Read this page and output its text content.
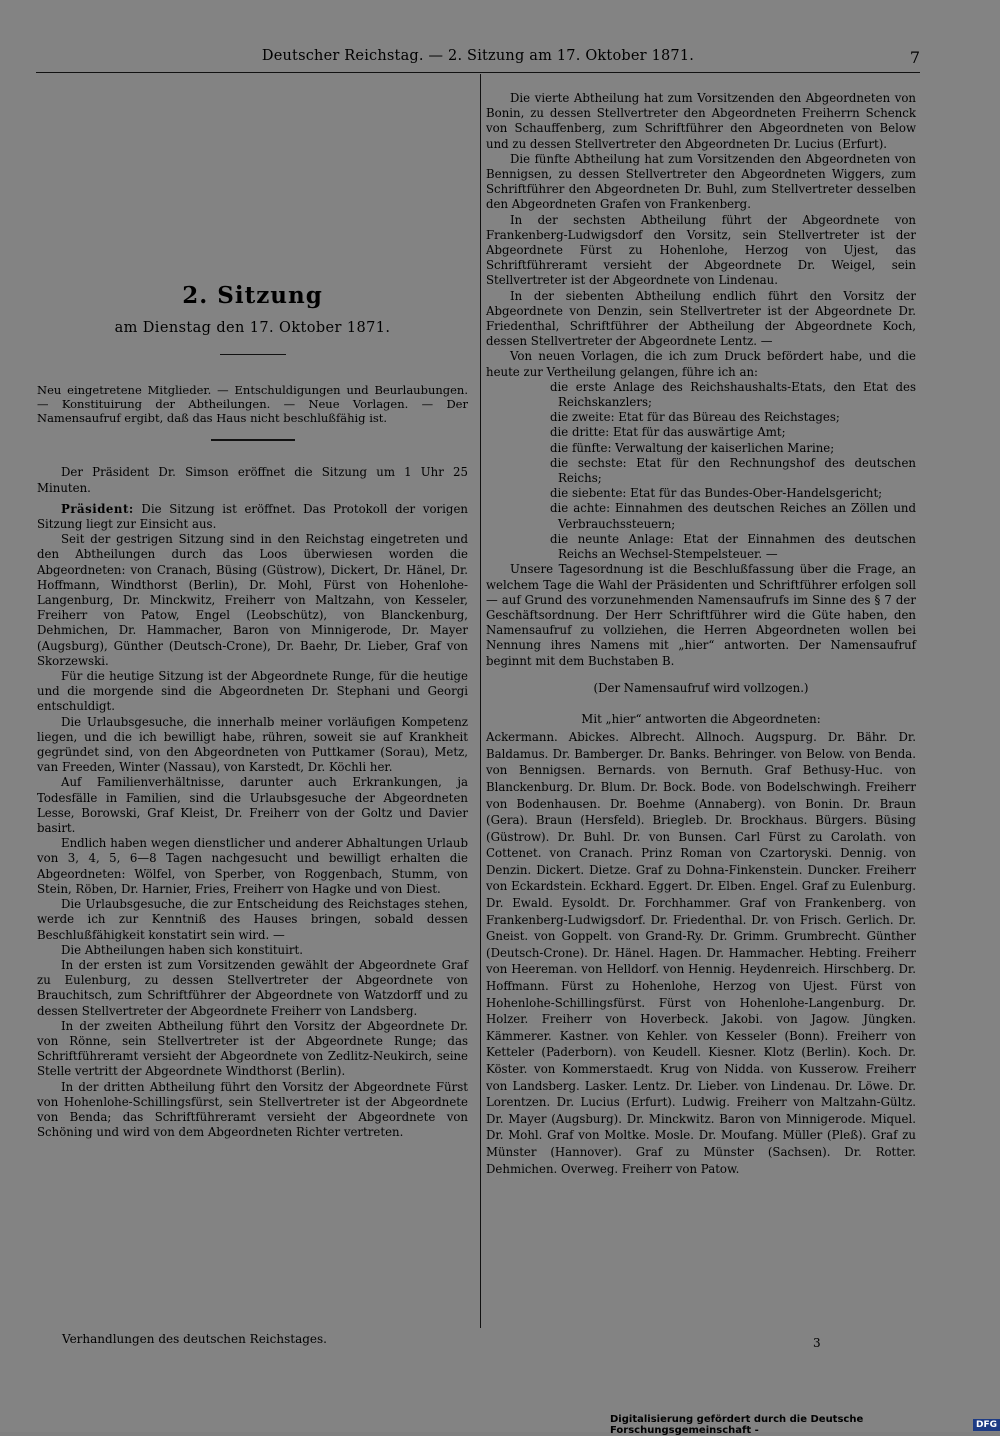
Deutscher Reichstag. — 2. Sitzung am 17. Oktober 1871.	7
2. Sitzung
am Dienstag den 17. Oktober 1871.

Neu eingetretene Mitglieder. — Entschuldigungen und Beurlaubungen. — Konstituirung der Abtheilungen. — Neue Vorlagen. — Der Namensaufruf ergibt, daß das Haus nicht beschlußfähig ist.

Der Präsident Dr. Simson eröffnet die Sitzung um 1 Uhr 25 Minuten.

Präsident: Die Sitzung ist eröffnet. Das Protokoll der vorigen Sitzung liegt zur Einsicht aus.

Seit der gestrigen Sitzung sind in den Reichstag eingetreten und den Abtheilungen durch das Loos überwiesen worden die Abgeordneten: von Cranach, Büsing (Güstrow), Dickert, Dr. Hänel, Dr. Hoffmann, Windthorst (Berlin), Dr. Mohl, Fürst von Hohenlohe-Langenburg, Dr. Minckwitz, Freiherr von Maltzahn, von Kesseler, Freiherr von Patow, Engel (Leobschütz), von Blanckenburg, Dehmichen, Dr. Hammacher, Baron von Minnigerode, Dr. Mayer (Augsburg), Günther (Deutsch-Crone), Dr. Baehr, Dr. Lieber, Graf von Skorzewski.

Für die heutige Sitzung ist der Abgeordnete Runge, für die heutige und die morgende sind die Abgeordneten Dr. Stephani und Georgi entschuldigt.

Die Urlaubsgesuche, die innerhalb meiner vorläufigen Kompetenz liegen, und die ich bewilligt habe, rühren, soweit sie auf Krankheit gegründet sind, von den Abgeordneten von Puttkamer (Sorau), Metz, van Freeden, Winter (Nassau), von Karstedt, Dr. Köchli her.

Auf Familienverhältnisse, darunter auch Erkrankungen, ja Todesfälle in Familien, sind die Urlaubsgesuche der Abgeordneten Lesse, Borowski, Graf Kleist, Dr. Freiherr von der Goltz und Davier basirt.

Endlich haben wegen dienstlicher und anderer Abhaltungen Urlaub von 3, 4, 5, 6—8 Tagen nachgesucht und bewilligt erhalten die Abgeordneten: Wölfel, von Sperber, von Roggenbach, Stumm, von Stein, Röben, Dr. Harnier, Fries, Freiherr von Hagke und von Diest.

Die Urlaubsgesuche, die zur Entscheidung des Reichstages stehen, werde ich zur Kenntniß des Hauses bringen, sobald dessen Beschlußfähigkeit konstatirt sein wird. —

Die Abtheilungen haben sich konstituirt.

In der ersten ist zum Vorsitzenden gewählt der Abgeordnete Graf zu Eulenburg, zu dessen Stellvertreter der Abgeordnete von Brauchitsch, zum Schriftführer der Abgeordnete von Watzdorff und zu dessen Stellvertreter der Abgeordnete Freiherr von Landsberg.

In der zweiten Abtheilung führt den Vorsitz der Abgeordnete Dr. von Rönne, sein Stellvertreter ist der Abgeordnete Runge; das Schriftführeramt versieht der Abgeordnete von Zedlitz-Neukirch, seine Stelle vertritt der Abgeordnete Windthorst (Berlin).

In der dritten Abtheilung führt den Vorsitz der Abgeordnete Fürst von Hohenlohe-Schillingsfürst, sein Stellvertreter ist der Abgeordnete von Benda; das Schriftführeramt versieht der Abgeordnete von Schöning und wird von dem Abgeordneten Richter vertreten.

Verhandlungen des deutschen Reichstages.

Die vierte Abtheilung hat zum Vorsitzenden den Abgeordneten von Bonin, zu dessen Stellvertreter den Abgeordneten Freiherrn Schenck von Schauffenberg, zum Schriftführer den Abgeordneten von Below und zu dessen Stellvertreter den Abgeordneten Dr. Lucius (Erfurt).

Die fünfte Abtheilung hat zum Vorsitzenden den Abgeordneten von Bennigsen, zu dessen Stellvertreter den Abgeordneten Wiggers, zum Schriftführer den Abgeordneten Dr. Buhl, zum Stellvertreter desselben den Abgeordneten Grafen von Frankenberg.

In der sechsten Abtheilung führt der Abgeordnete von Frankenberg-Ludwigsdorf den Vorsitz, sein Stellvertreter ist der Abgeordnete Fürst zu Hohenlohe, Herzog von Ujest, das Schriftführeramt versieht der Abgeordnete Dr. Weigel, sein Stellvertreter ist der Abgeordnete von Lindenau.

In der siebenten Abtheilung endlich führt den Vorsitz der Abgeordnete von Denzin, sein Stellvertreter ist der Abgeordnete Dr. Friedenthal, Schriftführer der Abtheilung der Abgeordnete Koch, dessen Stellvertreter der Abgeordnete Lentz. —

Von neuen Vorlagen, die ich zum Druck befördert habe, und die heute zur Vertheilung gelangen, führe ich an:

die erste Anlage des Reichshaushalts-Etats, den Etat des Reichskanzlers;
die zweite: Etat für das Büreau des Reichstages;
die dritte: Etat für das auswärtige Amt;
die fünfte: Verwaltung der kaiserlichen Marine;
die sechste: Etat für den Rechnungshof des deutschen Reichs;
die siebente: Etat für das Bundes-Ober-Handelsgericht;
die achte: Einnahmen des deutschen Reiches an Zöllen und Verbrauchssteuern;
die neunte Anlage: Etat der Einnahmen des deutschen Reichs an Wechsel-Stempelsteuer. —

Unsere Tagesordnung ist die Beschlußfassung über die Frage, an welchem Tage die Wahl der Präsidenten und Schriftführer erfolgen soll — auf Grund des vorzunehmenden Namensaufrufs im Sinne des § 7 der Geschäftsordnung. Der Herr Schriftführer wird die Güte haben, den Namensaufruf zu vollziehen, die Herren Abgeordneten wollen bei Nennung ihres Namens mit „hier“ antworten. Der Namensaufruf beginnt mit dem Buchstaben B.

(Der Namensaufruf wird vollzogen.)

Mit „hier“ antworten die Abgeordneten:

Ackermann. Abickes. Albrecht. Allnoch. Augspurg. Dr. Bähr. Dr. Baldamus. Dr. Bamberger. Dr. Banks. Behringer. von Below. von Benda. von Bennigsen. Bernards. von Bernuth. Graf Bethusy-Huc. von Blanckenburg. Dr. Blum. Dr. Bock. Bode. von Bodelschwingh. Freiherr von Bodenhausen. Dr. Boehme (Annaberg). von Bonin. Dr. Braun (Gera). Braun (Hersfeld). Briegleb. Dr. Brockhaus. Bürgers. Büsing (Güstrow). Dr. Buhl. Dr. von Bunsen. Carl Fürst zu Carolath. von Cottenet. von Cranach. Prinz Roman von Czartoryski. Dennig. von Denzin. Dickert. Dietze. Graf zu Dohna-Finkenstein. Duncker. Freiherr von Eckardstein. Eckhard. Eggert. Dr. Elben. Engel. Graf zu Eulenburg. Dr. Ewald. Eysoldt. Dr. Forchhammer. Graf von Frankenberg. von Frankenberg-Ludwigsdorf. Dr. Friedenthal. Dr. von Frisch. Gerlich. Dr. Gneist. von Goppelt. von Grand-Ry. Dr. Grimm. Grumbrecht. Günther (Deutsch-Crone). Dr. Hänel. Hagen. Dr. Hammacher. Hebting. Freiherr von Heereman. von Helldorf. von Hennig. Heydenreich. Hirschberg. Dr. Hoffmann. Fürst zu Hohenlohe, Herzog von Ujest. Fürst von Hohenlohe-Schillingsfürst. Fürst von Hohenlohe-Langenburg. Dr. Holzer. Freiherr von Hoverbeck. Jakobi. von Jagow. Jüngken. Kämmerer. Kastner. von Kehler. von Kesseler (Bonn). Freiherr von Ketteler (Paderborn). von Keudell. Kiesner. Klotz (Berlin). Koch. Dr. Köster. von Kommerstaedt. Krug von Nidda. von Kusserow. Freiherr von Landsberg. Lasker. Lentz. Dr. Lieber. von Lindenau. Dr. Löwe. Dr. Lorentzen. Dr. Lucius (Erfurt). Ludwig. Freiherr von Maltzahn-Gültz. Dr. Mayer (Augsburg). Dr. Minckwitz. Baron von Minnigerode. Miquel. Dr. Mohl. Graf von Moltke. Mosle. Dr. Moufang. Müller (Pleß). Graf zu Münster (Hannover). Graf zu Münster (Sachsen). Dr. Rotter. Dehmichen. Overweg. Freiherr von Patow.

3
Digitalisierung gefördert durch die Deutsche Forschungsgemeinschaft -	DFG
